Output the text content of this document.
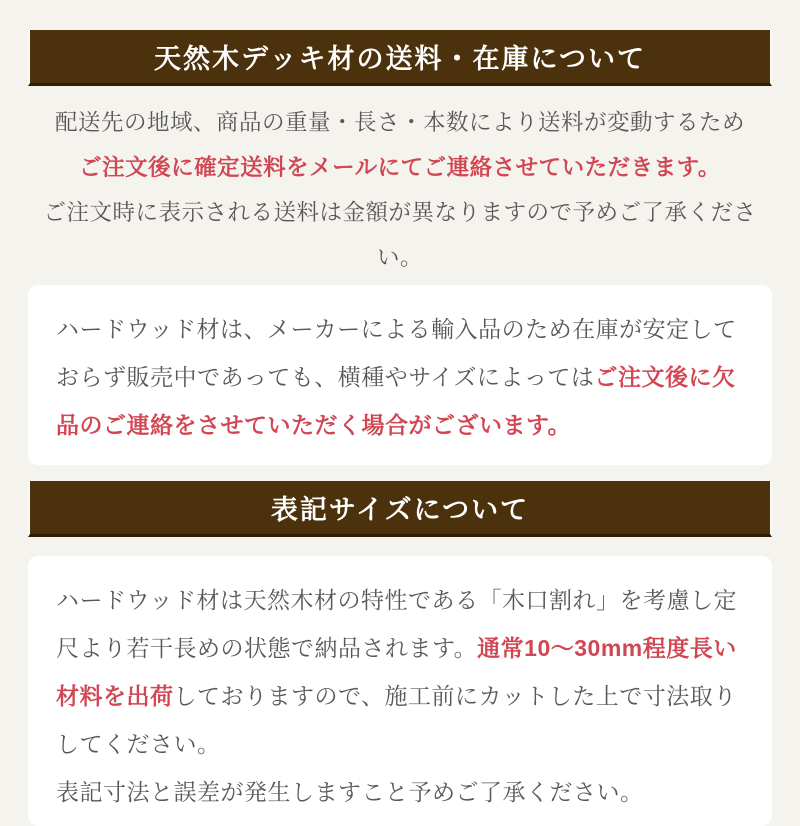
天然木デッキ材の送料・在庫について
配送先の地域、商品の重量・長さ・本数により送料が変動するため
ご注文後に確定送料をメールにてご連絡させていただきます。
ご注文時に表示される送料は金額が異なりますので予めご了承ください。

ハードウッド材は、メーカーによる輸入品のため在庫が安定しておらず販売中であっても、横種やサイズによってはご注文後に欠品のご連絡をさせていただく場合がございます。

表記サイズについて
ハードウッド材は天然木材の特性である「木口割れ」を考慮し定尺より若干長めの状態で納品されます。通常10～30mm程度長い材料を出荷しておりますので、施工前にカットした上で寸法取りしてください。
表記寸法と誤差が発生しますこと予めご了承ください。
